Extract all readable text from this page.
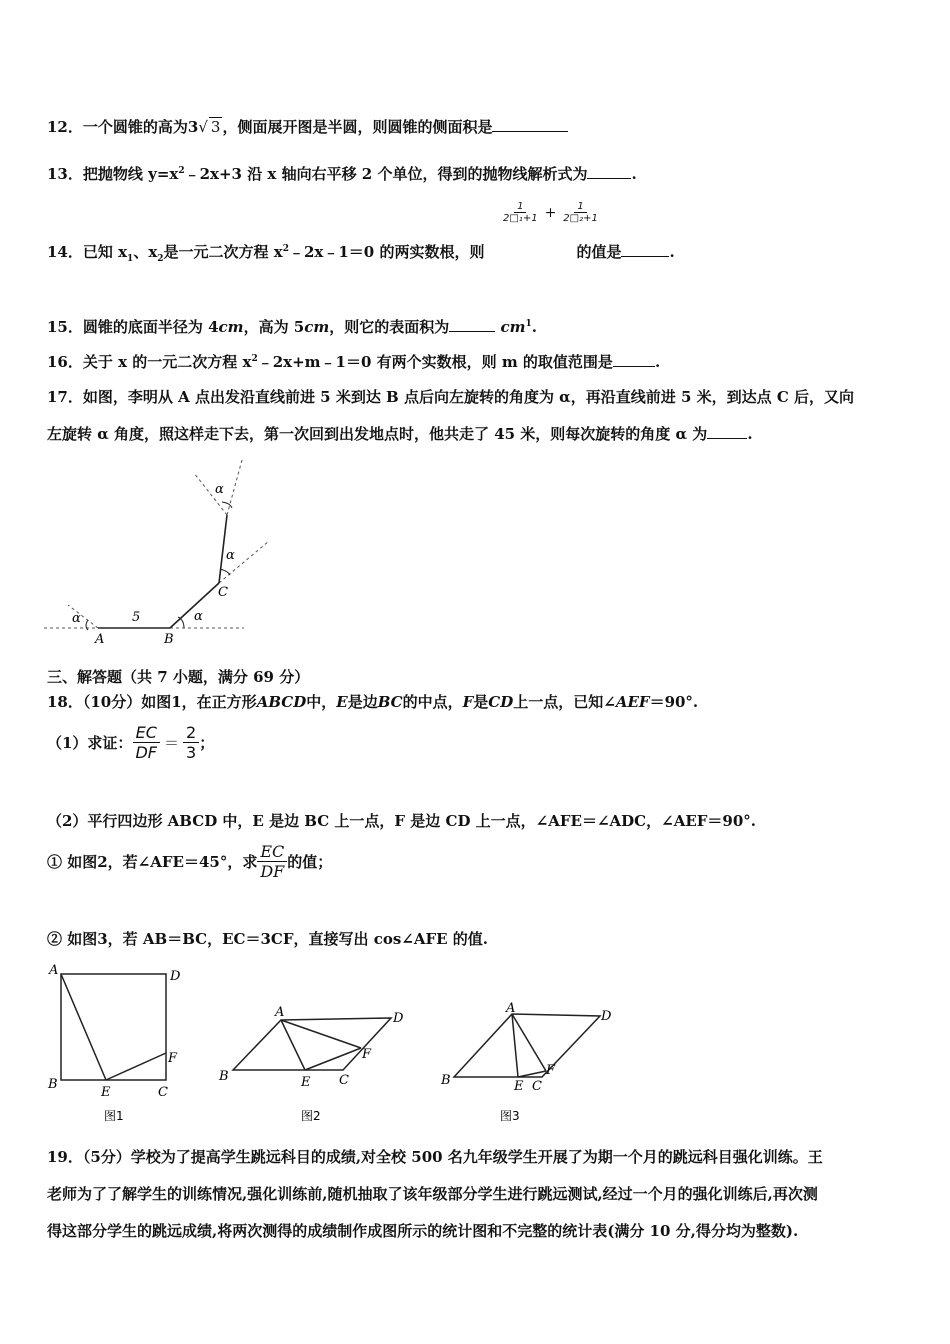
12．一个圆锥的高为3√ 3 ，侧面展开图是半圆，则圆锥的侧面积是
13．把抛物线 $y=x^2﹣2x+3$ 沿 x 轴向右平移 2 个单位，得到的抛物线解析式为	.
$\frac{1}{\text{2□₁+1}} + \frac{1}{\text{2□₂+1}}$
14．已知 $x_1$、$x_2$是一元二次方程 $x^2﹣2x﹣1=0$ 的两实数根，则	的值是	.
15．圆锥的底面半径为 4cm，高为 5cm，则它的表面积为	$cm^1$.
16．关于 x 的一元二次方程 $x^2﹣2x+m﹣1=0$ 有两个实数根，则 m 的取值范围是	.
17．如图，李明从 A 点出发沿直线前进 5 米到达 B 点后向左旋转的角度为 α，再沿直线前进 5 米，到达点 C 后，又向
左旋转 α 角度，照这样走下去，第一次回到出发地点时，他共走了 45 米，则每次旋转的角度 α 为	.
α	α
α
α
5
A	B
C
三、解答题（共 7 小题，满分 69 分）
18．（10分）如图1，在正方形ABCD中，E是边BC的中点，F是CD上一点，已知∠AEF＝90°.
（1）求证： $\frac{EC}{DF} = \frac{2}{3}$ ；
（2）平行四边形 ABCD 中，E 是边 BC 上一点，F 是边 CD 上一点，∠AFE＝∠ADC，∠AEF＝90°.
① 如图2，若∠AFE＝45°，求 $\frac{EC}{DF}$ 的值；
② 如图3，若 AB＝BC，EC＝3CF，直接写出 cos∠AFE 的值.
A	D
B
E	C
F
图1
A	D
B	E C
F
图2
A
D
B	E C
F
图3
19．（5分）学校为了提高学生跳远科目的成绩,对全校 500 名九年级学生开展了为期一个月的跳远科目强化训练。王
老师为了了解学生的训练情况,强化训练前,随机抽取了该年级部分学生进行跳远测试,经过一个月的强化训练后,再次测
得这部分学生的跳远成绩,将两次测得的成绩制作成图所示的统计图和不完整的统计表(满分 10 分,得分均为整数).
